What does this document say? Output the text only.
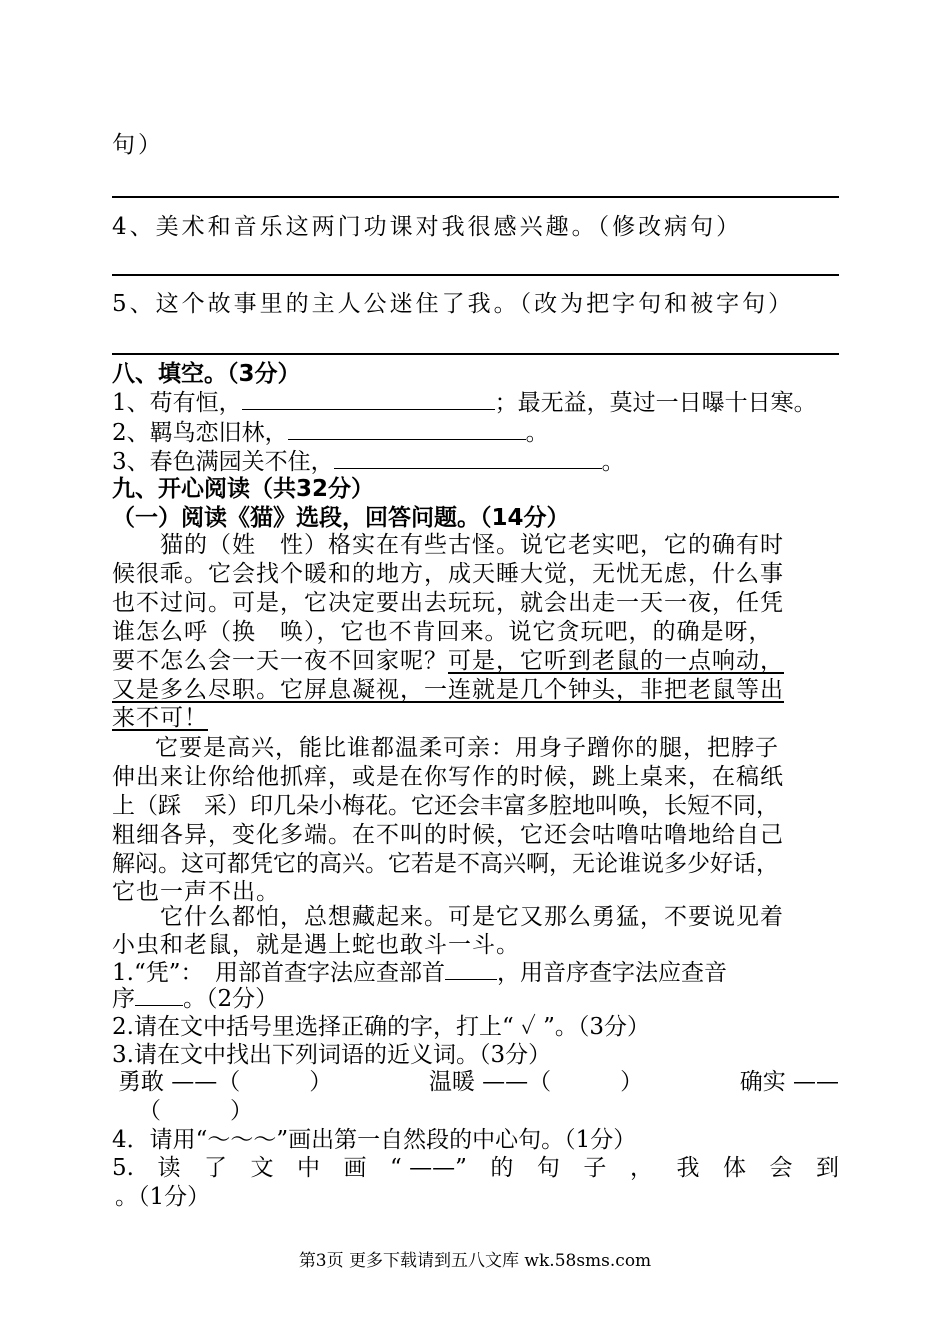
句）
4、美术和音乐这两门功课对我很感兴趣。（修改病句）
5、这个故事里的主人公迷住了我。（改为把字句和被字句）
八、填空。（3分）
1、苟有恒，	；最无益，莫过一日曝十日寒。
2、羁鸟恋旧林，	。
3、春色满园关不住，	。
九、开心阅读（共32分）
（一）阅读《猫》选段，回答问题。（14分）
猫的（姓　性）格实在有些古怪。说它老实吧，它的确有时
候很乖。它会找个暖和的地方，成天睡大觉，无忧无虑，什么事
也不过问。可是，它决定要出去玩玩，就会出走一天一夜，任凭
谁怎么呼（换　唤），它也不肯回来。说它贪玩吧，的确是呀，
要不怎么会一天一夜不回家呢？可是，它听到老鼠的一点响动，
又是多么尽职。它屏息凝视，一连就是几个钟头，非把老鼠等出
来不可！
它要是高兴，能比谁都温柔可亲：用身子蹭你的腿，把脖子
伸出来让你给他抓痒，或是在你写作的时候，跳上桌来，在稿纸
上（踩　采）印几朵小梅花。它还会丰富多腔地叫唤，长短不同，
粗细各异，变化多端。在不叫的时候，它还会咕噜咕噜地给自己
解闷。这可都凭它的高兴。它若是不高兴啊，无论谁说多少好话，
它也一声不出。
它什么都怕，总想藏起来。可是它又那么勇猛，不要说见着
小虫和老鼠，就是遇上蛇也敢斗一斗。
1.“凭”：　用部首查字法应查部首 ，用音序查字法应查音
序 。（2分）
2.请在文中括号里选择正确的字，打上“ ✓ ”。（3分）
3.请在文中找出下列词语的近义词。（3分）
勇敢 ——（　　　）	温暖 ——（　　　）	确实 ——
（　　　）
4．请用“～～～”画出第一自然段的中心句。（1分）
5. 读 了 文 中 画 “ ——” 的 句 子 ， 我 体 会 到
。（1分）
第3页 更多下载请到五八文库 wk.58sms.com
